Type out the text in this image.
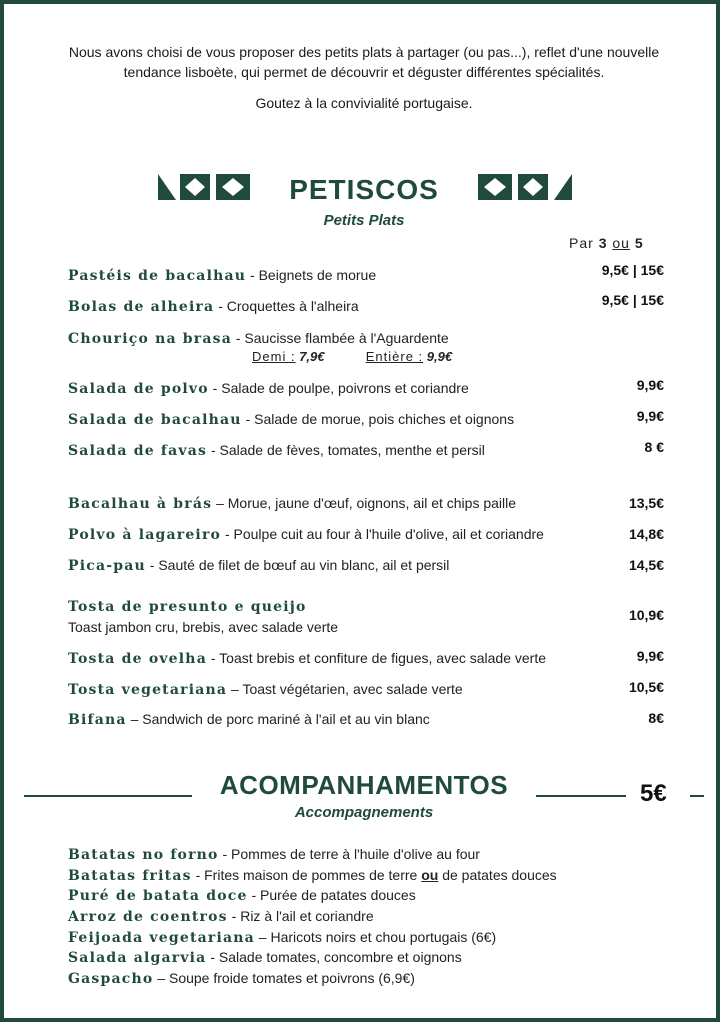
Nous avons choisi de vous proposer des petits plats à partager (ou pas...), reflet d'une nouvelle tendance lisboète, qui permet de découvrir et déguster différentes spécialités.

Goutez à la convivialité portugaise.

PETISCOS
Petits Plats
Par 3 ou 5
Pastéis de bacalhau - Beignets de morue	9,5€ | 15€
Bolas de alheira - Croquettes à l'alheira	9,5€ | 15€
Chouriço na brasa - Saucisse flambée à l'Aguardente
Demi : 7,9€	Entière : 9,9€
Salada de polvo - Salade de poulpe, poivrons et coriandre	9,9€
Salada de bacalhau - Salade de morue, pois chiches et oignons	9,9€
Salada de favas - Salade de fèves, tomates, menthe et persil	8 €
Bacalhau à brás – Morue, jaune d'œuf, oignons, ail et chips paille	13,5€
Polvo à lagareiro - Poulpe cuit au four à l'huile d'olive, ail et coriandre	14,8€
Pica-pau - Sauté de filet de bœuf au vin blanc, ail et persil	14,5€
Tosta de presunto e queijo
Toast jambon cru, brebis, avec salade verte
10,9€
Tosta de ovelha - Toast brebis et confiture de figues, avec salade verte	9,9€
Tosta vegetariana – Toast végétarien, avec salade verte	10,5€
Bifana – Sandwich de porc mariné à l'ail et au vin blanc	8€
ACOMPANHAMENTOS	5€
Accompagnements
Batatas no forno - Pommes de terre à l'huile d'olive au four
Batatas fritas - Frites maison de pommes de terre ou de patates douces
Puré de batata doce - Purée de patates douces
Arroz de coentros - Riz à l'ail et coriandre
Feijoada vegetariana – Haricots noirs et chou portugais (6€)
Salada algarvia - Salade tomates, concombre et oignons
Gaspacho – Soupe froide tomates et poivrons (6,9€)
